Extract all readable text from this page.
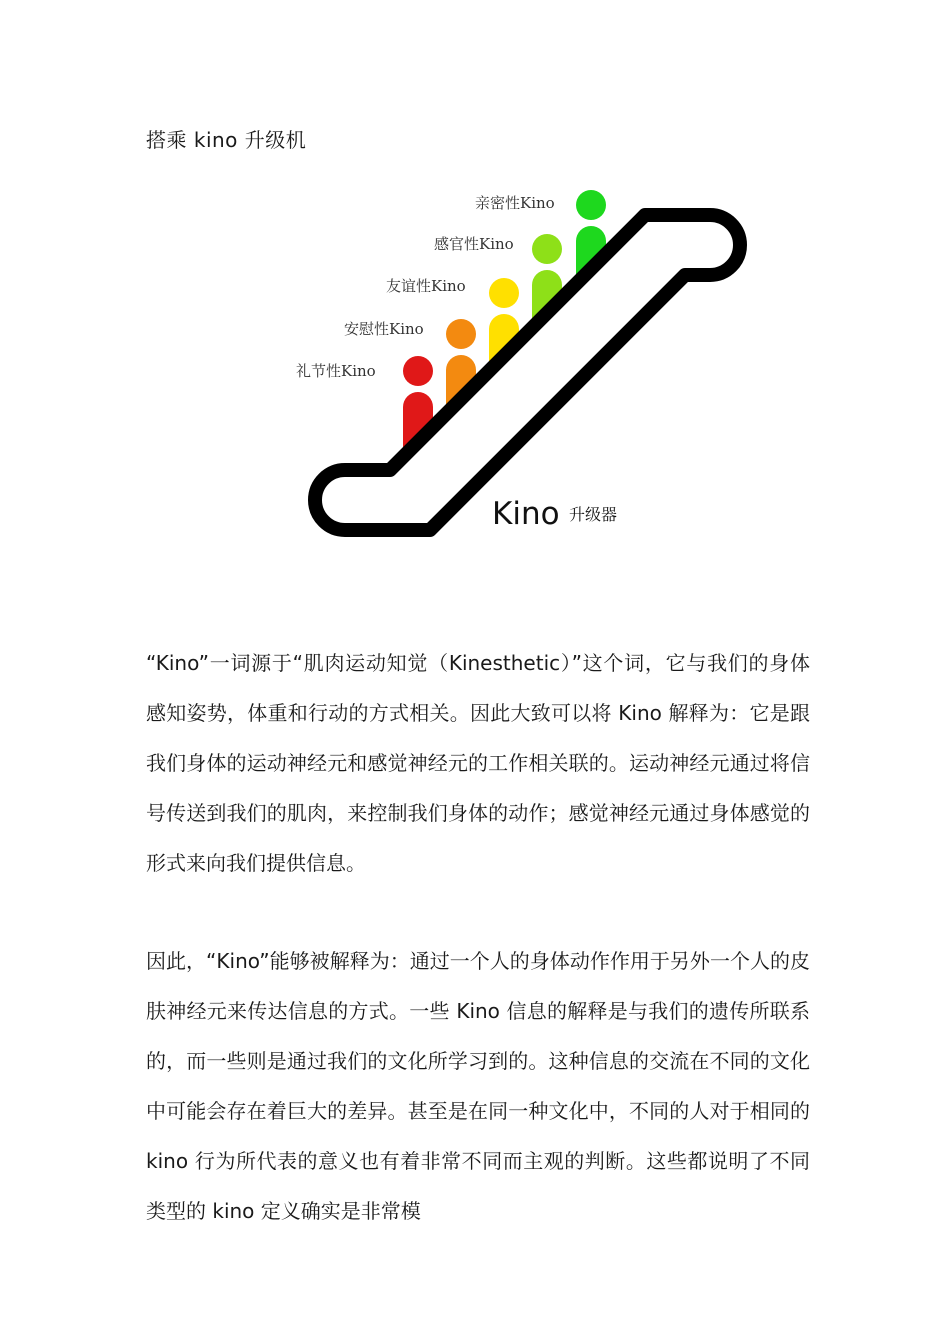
搭乘 kino 升级机
礼节性Kino
安慰性Kino
友谊性Kino
感官性Kino
亲密性Kino
Kino 升级器
“Kino”一词源于“肌肉运动知觉（Kinesthetic）”这个词，它与我们的身体感知姿势，体重和行动的方式相关。因此大致可以将 Kino 解释为：它是跟我们身体的运动神经元和感觉神经元的工作相关联的。运动神经元通过将信号传送到我们的肌肉，来控制我们身体的动作；感觉神经元通过身体感觉的形式来向我们提供信息。
因此，“Kino”能够被解释为：通过一个人的身体动作作用于另外一个人的皮肤神经元来传达信息的方式。一些 Kino 信息的解释是与我们的遗传所联系的，而一些则是通过我们的文化所学习到的。这种信息的交流在不同的文化中可能会存在着巨大的差异。甚至是在同一种文化中，不同的人对于相同的 kino 行为所代表的意义也有着非常不同而主观的判断。这些都说明了不同类型的 kino 定义确实是非常模
